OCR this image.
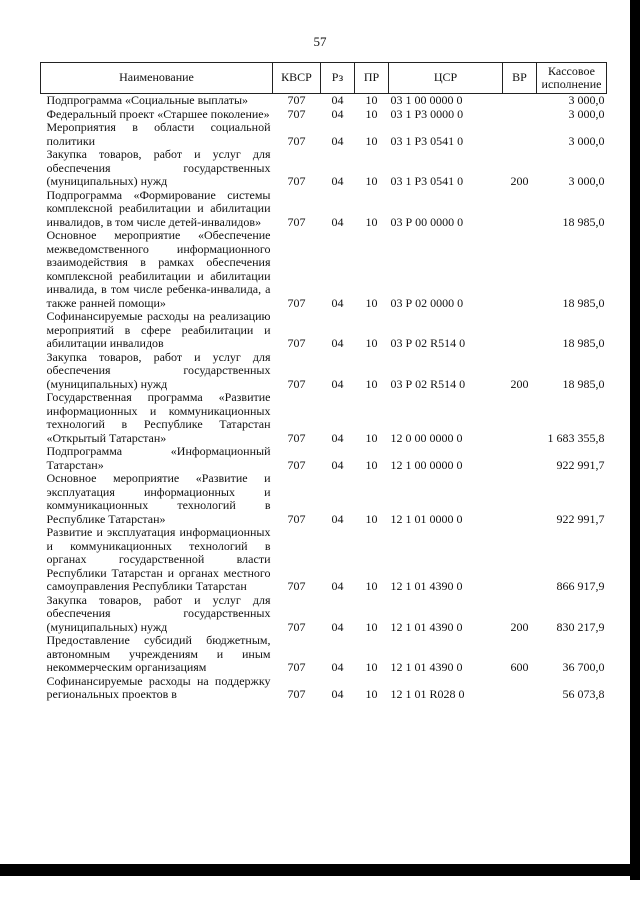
57
Наименование	КВСР	Рз	ПР	ЦСР	ВР	Кассовое исполнение
Подпрограмма «Социальные выплаты»	707	04	10	03 1 00 0000 0		3 000,0
Федеральный проект «Старшее поколение»	707	04	10	03 1 P3 0000 0		3 000,0
Мероприятия в области социальной политики	707	04	10	03 1 P3 0541 0		3 000,0
Закупка товаров, работ и услуг для обеспечения государственных (муниципальных) нужд	707	04	10	03 1 P3 0541 0	200	3 000,0
Подпрограмма «Формирование системы комплексной реабилитации и абилитации инвалидов, в том числе детей-инвалидов»	707	04	10	03 Р 00 0000 0		18 985,0
Основное мероприятие «Обеспечение межведомственного информационного взаимодействия в рамках обеспечения комплексной реабилитации и абилитации инвалида, в том числе ребенка-инвалида, а также ранней помощи»	707	04	10	03 Р 02 0000 0		18 985,0
Софинансируемые расходы на реализацию мероприятий в сфере реабилитации и абилитации инвалидов	707	04	10	03 Р 02 R514 0		18 985,0
Закупка товаров, работ и услуг для обеспечения государственных (муниципальных) нужд	707	04	10	03 Р 02 R514 0	200	18 985,0
Государственная программа «Развитие информационных и коммуникационных технологий в Республике Татарстан «Открытый Татарстан»	707	04	10	12 0 00 0000 0		1 683 355,8
Подпрограмма «Информационный Татарстан»	707	04	10	12 1 00 0000 0		922 991,7
Основное мероприятие «Развитие и эксплуатация информационных и коммуникационных технологий в Республике Татарстан»	707	04	10	12 1 01 0000 0		922 991,7
Развитие и эксплуатация информационных и коммуникационных технологий в органах государственной власти Республики Татарстан и органах местного самоуправления Республики Татарстан	707	04	10	12 1 01 4390 0		866 917,9
Закупка товаров, работ и услуг для обеспечения государственных (муниципальных) нужд	707	04	10	12 1 01 4390 0	200	830 217,9
Предоставление субсидий бюджетным, автономным учреждениям и иным некоммерческим организациям	707	04	10	12 1 01 4390 0	600	36 700,0
Софинансируемые расходы на поддержку региональных проектов в	707	04	10	12 1 01 R028 0		56 073,8
